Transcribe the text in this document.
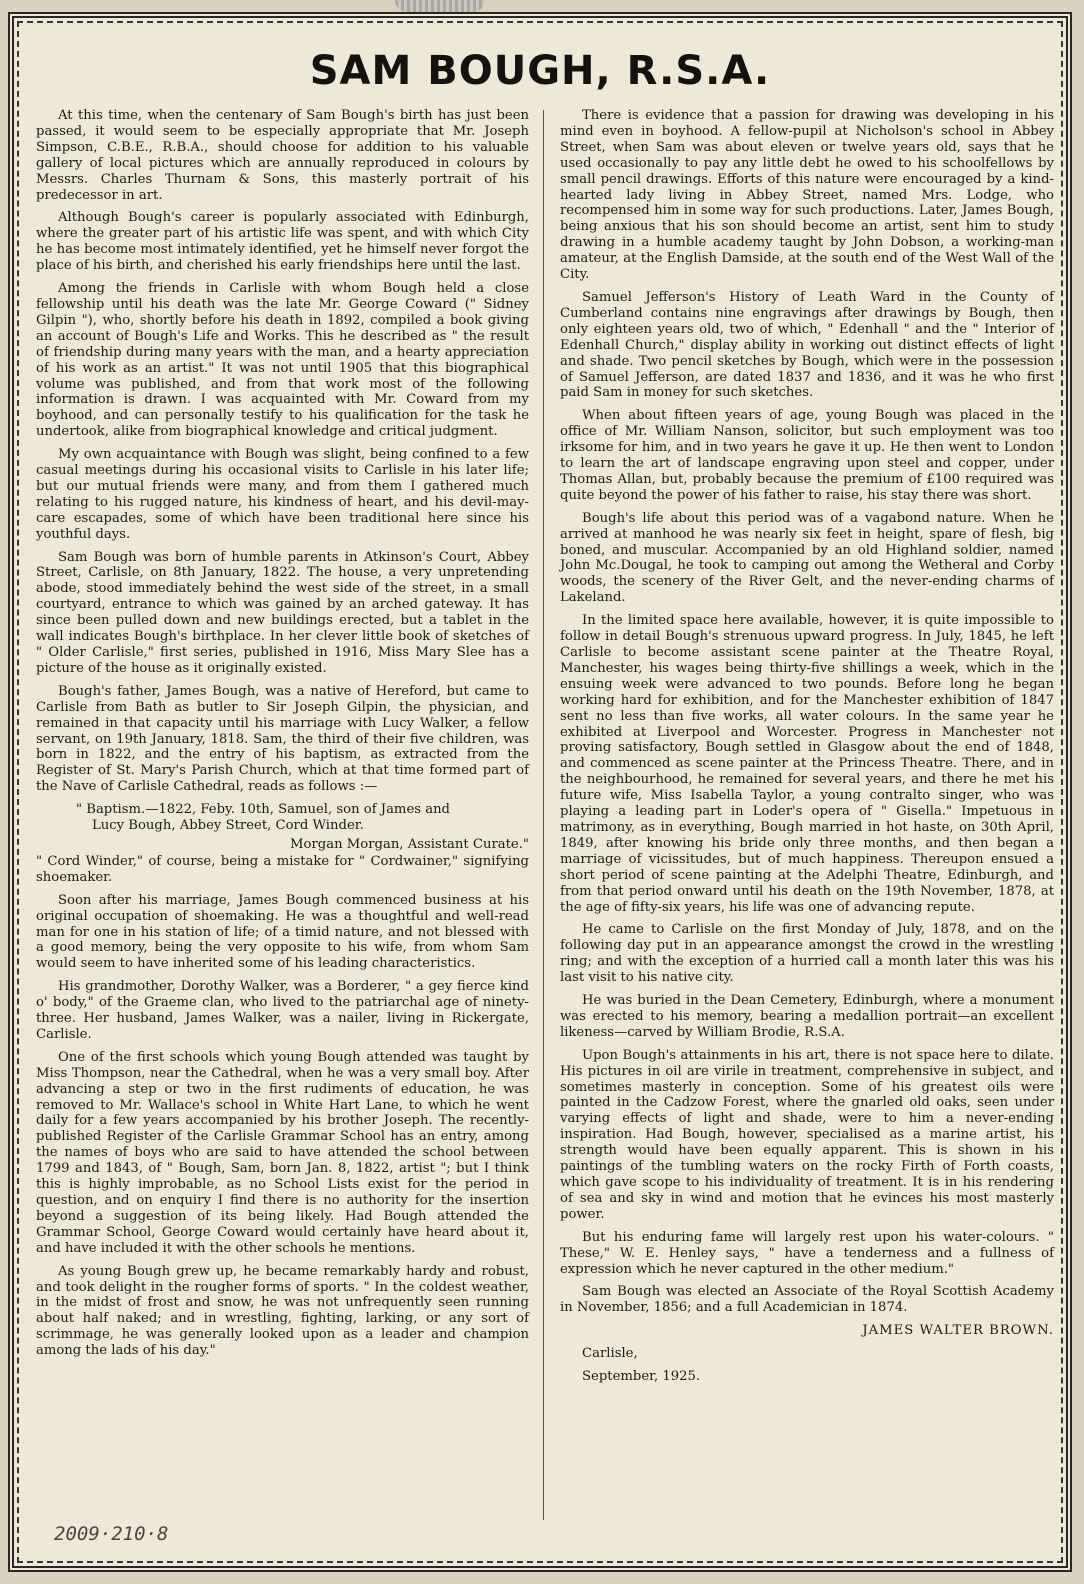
SAM BOUGH, R.S.A.

At this time, when the centenary of Sam Bough's birth has just been passed, it would seem to be especially appropriate that Mr. Joseph Simpson, C.B.E., R.B.A., should choose for addition to his valuable gallery of local pictures which are annually reproduced in colours by Messrs. Charles Thurnam & Sons, this masterly portrait of his predecessor in art.

Although Bough's career is popularly associated with Edinburgh, where the greater part of his artistic life was spent, and with which City he has become most intimately identified, yet he himself never forgot the place of his birth, and cherished his early friendships here until the last.

Among the friends in Carlisle with whom Bough held a close fellowship until his death was the late Mr. George Coward (" Sidney Gilpin "), who, shortly before his death in 1892, compiled a book giving an account of Bough's Life and Works. This he described as " the result of friendship during many years with the man, and a hearty appreciation of his work as an artist." It was not until 1905 that this biographical volume was published, and from that work most of the following information is drawn. I was acquainted with Mr. Coward from my boyhood, and can personally testify to his qualification for the task he undertook, alike from biographical knowledge and critical judgment.

My own acquaintance with Bough was slight, being confined to a few casual meetings during his occasional visits to Carlisle in his later life; but our mutual friends were many, and from them I gathered much relating to his rugged nature, his kindness of heart, and his devil-may-care escapades, some of which have been traditional here since his youthful days.

Sam Bough was born of humble parents in Atkinson's Court, Abbey Street, Carlisle, on 8th January, 1822. The house, a very unpretending abode, stood immediately behind the west side of the street, in a small courtyard, entrance to which was gained by an arched gateway. It has since been pulled down and new buildings erected, but a tablet in the wall indicates Bough's birthplace. In her clever little book of sketches of " Older Carlisle," first series, published in 1916, Miss Mary Slee has a picture of the house as it originally existed.

Bough's father, James Bough, was a native of Hereford, but came to Carlisle from Bath as butler to Sir Joseph Gilpin, the physician, and remained in that capacity until his marriage with Lucy Walker, a fellow servant, on 19th January, 1818. Sam, the third of their five children, was born in 1822, and the entry of his baptism, as extracted from the Register of St. Mary's Parish Church, which at that time formed part of the Nave of Carlisle Cathedral, reads as follows :—

" Baptism.—1822, Feby. 10th, Samuel, son of James and

Lucy Bough, Abbey Street, Cord Winder.

Morgan Morgan, Assistant Curate."

" Cord Winder," of course, being a mistake for " Cordwainer," signifying shoemaker.

Soon after his marriage, James Bough commenced business at his original occupation of shoemaking. He was a thoughtful and well-read man for one in his station of life; of a timid nature, and not blessed with a good memory, being the very opposite to his wife, from whom Sam would seem to have inherited some of his leading characteristics.

His grandmother, Dorothy Walker, was a Borderer, " a gey fierce kind o' body," of the Graeme clan, who lived to the patriarchal age of ninety-three. Her husband, James Walker, was a nailer, living in Rickergate, Carlisle.

One of the first schools which young Bough attended was taught by Miss Thompson, near the Cathedral, when he was a very small boy. After advancing a step or two in the first rudiments of education, he was removed to Mr. Wallace's school in White Hart Lane, to which he went daily for a few years accompanied by his brother Joseph. The recently-published Register of the Carlisle Grammar School has an entry, among the names of boys who are said to have attended the school between 1799 and 1843, of " Bough, Sam, born Jan. 8, 1822, artist "; but I think this is highly improbable, as no School Lists exist for the period in question, and on enquiry I find there is no authority for the insertion beyond a suggestion of its being likely. Had Bough attended the Grammar School, George Coward would certainly have heard about it, and have included it with the other schools he mentions.

As young Bough grew up, he became remarkably hardy and robust, and took delight in the rougher forms of sports. " In the coldest weather, in the midst of frost and snow, he was not unfrequently seen running about half naked; and in wrestling, fighting, larking, or any sort of scrimmage, he was generally looked upon as a leader and champion among the lads of his day."

There is evidence that a passion for drawing was developing in his mind even in boyhood. A fellow-pupil at Nicholson's school in Abbey Street, when Sam was about eleven or twelve years old, says that he used occasionally to pay any little debt he owed to his schoolfellows by small pencil drawings. Efforts of this nature were encouraged by a kind-hearted lady living in Abbey Street, named Mrs. Lodge, who recompensed him in some way for such productions. Later, James Bough, being anxious that his son should become an artist, sent him to study drawing in a humble academy taught by John Dobson, a working-man amateur, at the English Damside, at the south end of the West Wall of the City.

Samuel Jefferson's History of Leath Ward in the County of Cumberland contains nine engravings after drawings by Bough, then only eighteen years old, two of which, " Edenhall " and the " Interior of Edenhall Church," display ability in working out distinct effects of light and shade. Two pencil sketches by Bough, which were in the possession of Samuel Jefferson, are dated 1837 and 1836, and it was he who first paid Sam in money for such sketches.

When about fifteen years of age, young Bough was placed in the office of Mr. William Nanson, solicitor, but such employment was too irksome for him, and in two years he gave it up. He then went to London to learn the art of landscape engraving upon steel and copper, under Thomas Allan, but, probably because the premium of £100 required was quite beyond the power of his father to raise, his stay there was short.

Bough's life about this period was of a vagabond nature. When he arrived at manhood he was nearly six feet in height, spare of flesh, big boned, and muscular. Accompanied by an old Highland soldier, named John Mc.Dougal, he took to camping out among the Wetheral and Corby woods, the scenery of the River Gelt, and the never-ending charms of Lakeland.

In the limited space here available, however, it is quite impossible to follow in detail Bough's strenuous upward progress. In July, 1845, he left Carlisle to become assistant scene painter at the Theatre Royal, Manchester, his wages being thirty-five shillings a week, which in the ensuing week were advanced to two pounds. Before long he began working hard for exhibition, and for the Manchester exhibition of 1847 sent no less than five works, all water colours. In the same year he exhibited at Liverpool and Worcester. Progress in Manchester not proving satisfactory, Bough settled in Glasgow about the end of 1848, and commenced as scene painter at the Princess Theatre. There, and in the neighbourhood, he remained for several years, and there he met his future wife, Miss Isabella Taylor, a young contralto singer, who was playing a leading part in Loder's opera of " Gisella." Impetuous in matrimony, as in everything, Bough married in hot haste, on 30th April, 1849, after knowing his bride only three months, and then began a marriage of vicissitudes, but of much happiness. Thereupon ensued a short period of scene painting at the Adelphi Theatre, Edinburgh, and from that period onward until his death on the 19th November, 1878, at the age of fifty-six years, his life was one of advancing repute.

He came to Carlisle on the first Monday of July, 1878, and on the following day put in an appearance amongst the crowd in the wrestling ring; and with the exception of a hurried call a month later this was his last visit to his native city.

He was buried in the Dean Cemetery, Edinburgh, where a monument was erected to his memory, bearing a medallion portrait—an excellent likeness—carved by William Brodie, R.S.A.

Upon Bough's attainments in his art, there is not space here to dilate. His pictures in oil are virile in treatment, comprehensive in subject, and sometimes masterly in conception. Some of his greatest oils were painted in the Cadzow Forest, where the gnarled old oaks, seen under varying effects of light and shade, were to him a never-ending inspiration. Had Bough, however, specialised as a marine artist, his strength would have been equally apparent. This is shown in his paintings of the tumbling waters on the rocky Firth of Forth coasts, which gave scope to his individuality of treatment. It is in his rendering of sea and sky in wind and motion that he evinces his most masterly power.

But his enduring fame will largely rest upon his water-colours. " These," W. E. Henley says, " have a tenderness and a fullness of expression which he never captured in the other medium."

Sam Bough was elected an Associate of the Royal Scottish Academy in November, 1856; and a full Academician in 1874.

JAMES WALTER BROWN.

Carlisle,

September, 1925.

2009·210·8
